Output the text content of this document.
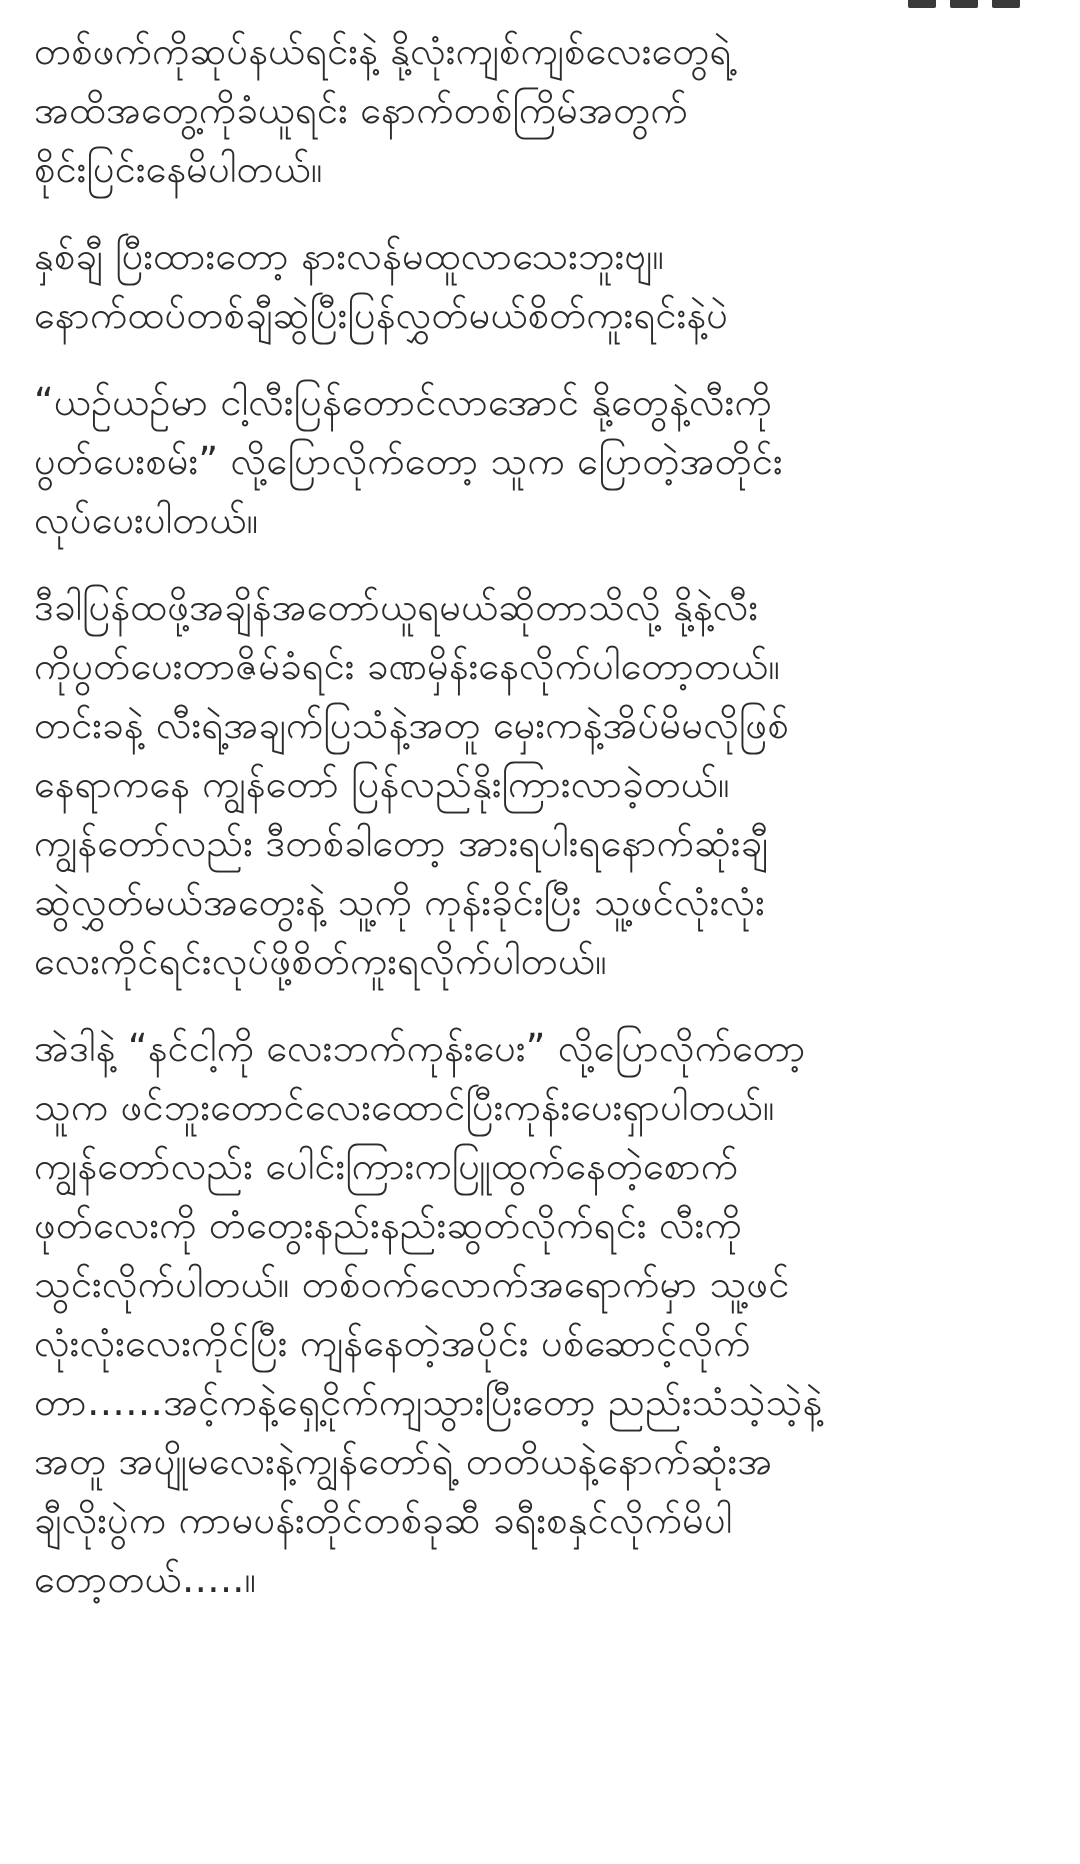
တစ်ဖက်ကိုဆုပ်နယ်ရင်းနဲ့ နို့လုံးကျစ်ကျစ်လေးတွေရဲ့
အထိအတွေ့ကိုခံယူရင်း နောက်တစ်ကြိမ်အတွက်
စိုင်းပြင်းနေမိပါတယ်။
နှစ်ချီ ပြီးထားတော့ နားလန်မထူလာသေးဘူးဗျ။
နောက်ထပ်တစ်ချီဆွဲပြီးပြန်လွှတ်မယ်စိတ်ကူးရင်းနဲ့ပဲ
“ယဉ်ယဉ်မာ ငါ့လီးပြန်တောင်လာအောင် နို့တွေနဲ့လီးကို
ပွတ်ပေးစမ်း” လို့ပြောလိုက်တော့ သူက ပြောတဲ့အတိုင်း
လုပ်ပေးပါတယ်။
ဒီခါပြန်ထဖို့အချိန်အတော်ယူရမယ်ဆိုတာသိလို့ နို့နဲ့လီး
ကိုပွတ်ပေးတာဇိမ်ခံရင်း ခဏမှိန်းနေလိုက်ပါတော့တယ်။
တင်းခနဲ့ လီးရဲ့အချက်ပြသံနဲ့အတူ မှေးကနဲ့အိပ်မိမလိုဖြစ်
နေရာကနေ ကျွန်တော် ပြန်လည်နိုးကြားလာခဲ့တယ်။
ကျွန်တော်လည်း ဒီတစ်ခါတော့ အားရပါးရနောက်ဆုံးချီ
ဆွဲလွှတ်မယ်အတွေးနဲ့ သူ့ကို ကုန်းခိုင်းပြီး သူ့ဖင်လုံးလုံး
လေးကိုင်ရင်းလုပ်ဖို့စိတ်ကူးရလိုက်ပါတယ်။
အဲဒါနဲ့ “နင်ငါ့ကို လေးဘက်ကုန်းပေး” လို့ပြောလိုက်တော့
သူက ဖင်ဘူးတောင်လေးထောင်ပြီးကုန်းပေးရှာပါတယ်။
ကျွန်တော်လည်း ပေါင်းကြားကပြူထွက်နေတဲ့စောက်
ဖုတ်လေးကို တံတွေးနည်းနည်းဆွတ်လိုက်ရင်း လီးကို
သွင်းလိုက်ပါတယ်။ တစ်ဝက်လောက်အရောက်မှာ သူ့ဖင်
လုံးလုံးလေးကိုင်ပြီး ကျန်နေတဲ့အပိုင်း ပစ်ဆောင့်လိုက်
တာ……အင့်ကနဲ့ရှေ့ငိုက်ကျသွားပြီးတော့ ညည်းသံသဲ့သဲ့နဲ့
အတူ အပျိုမလေးနဲ့ကျွန်တော်ရဲ့ တတိယနဲ့နောက်ဆုံးအ
ချီလိုးပွဲက ကာမပန်းတိုင်တစ်ခုဆီ ခရီးစနှင်လိုက်မိပါ
တော့တယ်…..။
